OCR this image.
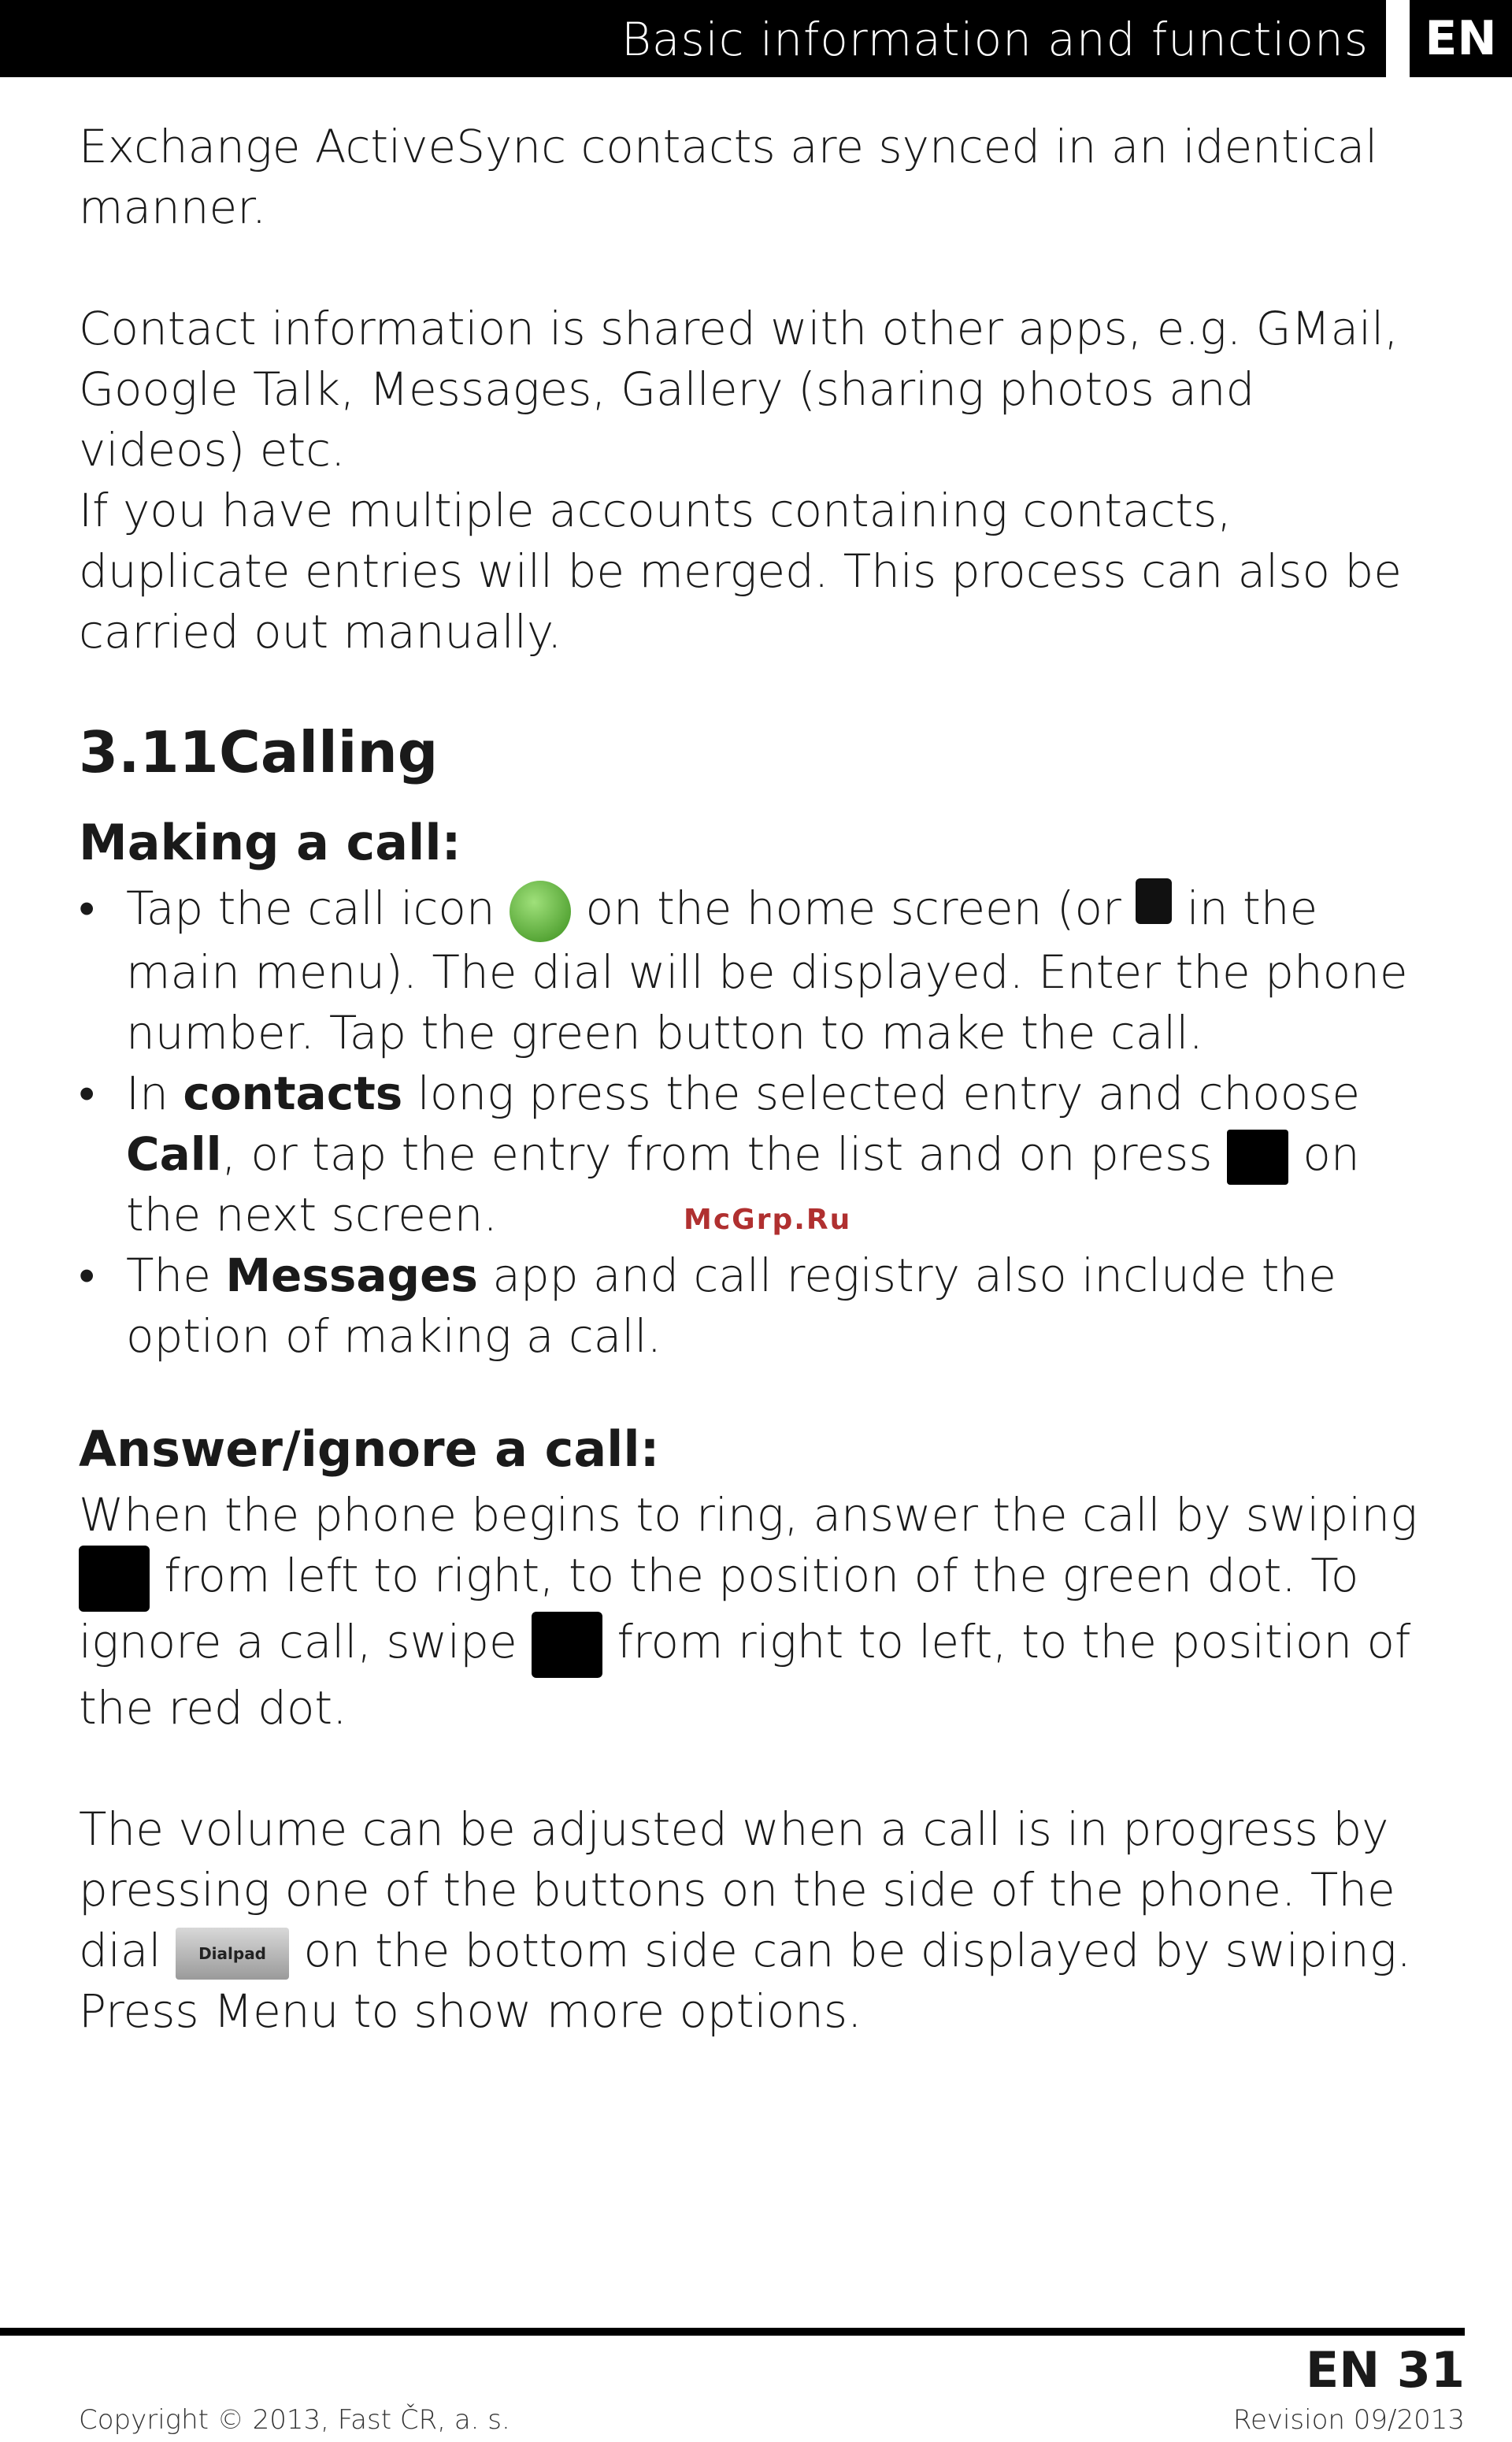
Basic information and functions	EN

Exchange ActiveSync contacts are synced in an identical manner.

Contact information is shared with other apps, e.g. GMail, Google Talk, Messages, Gallery (sharing photos and videos) etc.

If you have multiple accounts containing contacts, duplicate entries will be merged. This process can also be carried out manually.

3.11Calling
Making a call:
• Tap the call icon  on the home screen (or  in the main menu). The dial will be displayed. Enter the phone number. Tap the green button to make the call.
• In contacts long press the selected entry and choose Call, or tap the entry from the list and on press  on the next screen.
• The Messages app and call registry also include the option of making a call.
Answer/ignore a call:

When the phone begins to ring, answer the call by swiping  from left to right, to the position of the green dot. To ignore a call, swipe  from right to left, to the position of the red dot.

The volume can be adjusted when a call is in progress by pressing one of the buttons on the side of the phone. The dial Dialpad on the bottom side can be displayed by swiping. Press Menu to show more options.

McGrp.Ru
EN 31
Copyright © 2013, Fast ČR, a. s.	Revision 09/2013
